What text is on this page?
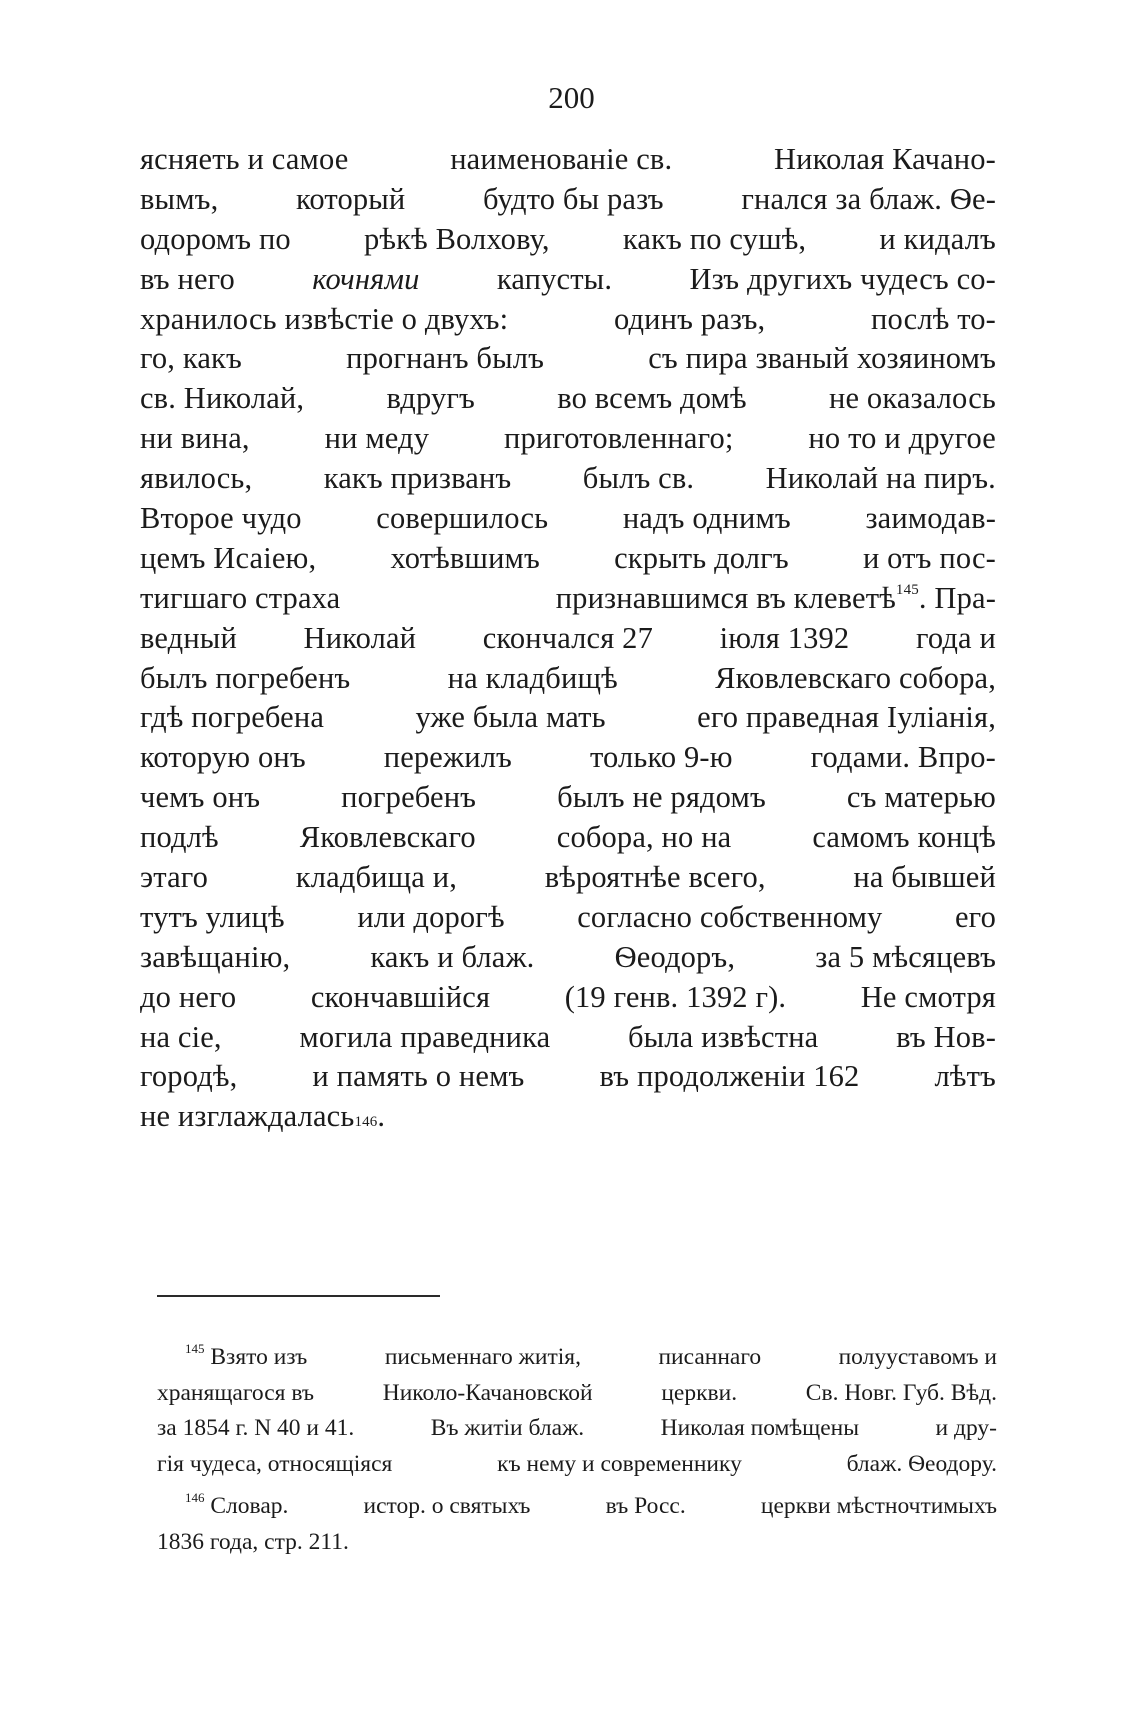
200
ясняеть и самое	наименованіе св.	Николая Качано-
вымъ,	который	будто бы разъ	гнался за блаж. Ѳе-
одоромъ по рѣкѣ Волхову, какъ по сушѣ, и кидалъ
въ него	кочнями	капусты.	Изъ другихъ чудесъ со-
хранилось извѣстіе о двухъ:	одинъ разъ,	послѣ то-
го, какъ	прогнанъ былъ	съ пира званый хозяиномъ
св. Николай,	вдругъ	во всемъ домѣ	не оказалось
ни вина, ни меду приготовленнаго; но то и другое
явилось, какъ призванъ былъ св. Николай на пиръ.
Второе чудо совершилось надъ однимъ заимодав-
цемъ Исаіею, хотѣвшимъ скрыть долгъ и отъ пос-
тигшаго страха	признавшимся въ клеветѣ$^{145}$. Пра-
ведный Николай скончался 27 іюля 1392 года и
былъ погребенъ	на кладбищѣ	Яковлевскаго собора,
гдѣ погребена	уже была мать	его праведная Іуліанія,
которую онъ	пережилъ	только 9-ю	годами. Впро-
чемъ онъ	погребенъ	былъ не рядомъ	съ матерью
подлѣ	Яковлевскаго	собора, но на	самомъ концѣ
этаго	кладбища и,	вѣроятнѣе всего,	на бывшей
тутъ улицѣ или дорогѣ согласно собственному его
завѣщанію,	какъ и блаж.	Ѳеодоръ,	за 5 мѣсяцевъ
до него скончавшійся (19 генв. 1392 г). Не смотря
на сіе,	могила праведника	была извѣстна	въ Нов-
городѣ, и память о немъ въ продолженіи 162 лѣтъ
не изглаждалась 146 .
$^{145}$ Взято изъ	письменнаго житія,	писаннаго	полууставомъ и
хранящагося въ	Николо-Качановской	церкви.	Св. Новг. Губ. Вѣд.
за 1854 г. N 40 и 41.	Въ житіи блаж.	Николая помѣщены	и дру-
гія чудеса, относящіяся	къ нему и современнику	блаж. Ѳеодору.
$^{146}$ Словар.	истор. о святыхъ	въ Росс.	церкви мѣстночтимыхъ
1836 года, стр. 211.
